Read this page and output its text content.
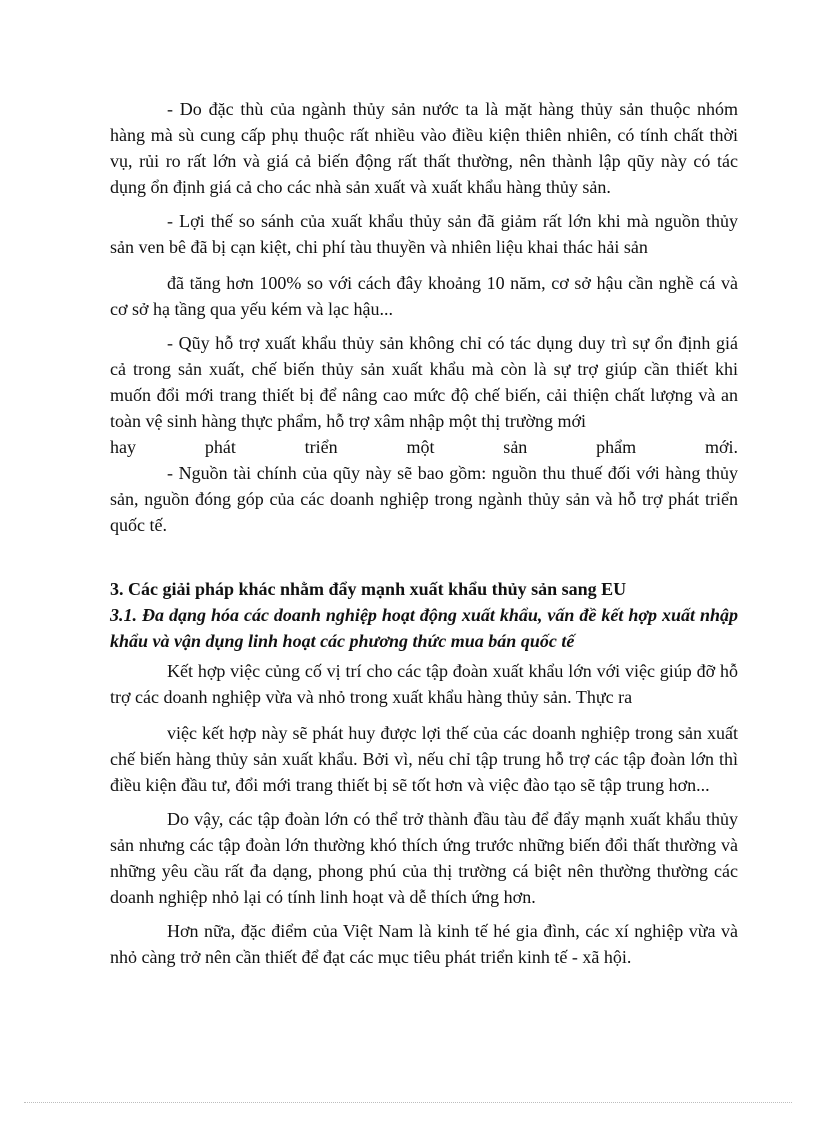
- Do đặc thù của ngành thủy sản nước ta là mặt hàng thủy sản thuộc nhóm hàng mà sù cung cấp phụ thuộc rất nhiều vào điều kiện thiên nhiên, có tính chất thời vụ, rủi ro rất lớn và giá cả biến động rất thất thường, nên thành lập qũy này có tác dụng ổn định giá cả cho các nhà sản xuất và xuất khẩu hàng thủy sản.

- Lợi thế so sánh của xuất khẩu thủy sản đã giảm rất lớn khi mà nguồn thủy sản ven bê đã bị cạn kiệt, chi phí tàu thuyền và nhiên liệu khai thác hải sản

đã tăng hơn 100% so với cách đây khoảng 10 năm, cơ sở hậu cần nghề cá và cơ sở hạ tầng qua yếu kém và lạc hậu...

- Qũy hỗ trợ xuất khẩu thủy sản không chỉ có tác dụng duy trì sự ổn định giá cả trong sản xuất, chế biến thủy sản xuất khẩu mà còn là sự trợ giúp cần thiết khi muốn đổi mới trang thiết bị để nâng cao mức độ chế biến, cải thiện chất lượng và an toàn vệ sinh hàng thực phẩm, hỗ trợ xâm nhập một thị trường mới

hay phát triển một sản phẩm mới.

- Nguồn tài chính của qũy này sẽ bao gồm: nguồn thu thuế đối với hàng thủy sản, nguồn đóng góp của các doanh nghiệp trong ngành thủy sản và hỗ trợ phát triển quốc tế.

3. Các giải pháp khác nhằm đẩy mạnh xuất khẩu thủy sản sang EU

3.1. Đa dạng hóa các doanh nghiệp hoạt động xuất khẩu, vấn đề kết hợp xuất nhập khẩu và vận dụng linh hoạt các phương thức mua bán quốc tế

Kết hợp việc củng cố vị trí cho các tập đoàn xuất khẩu lớn với việc giúp đỡ hỗ trợ các doanh nghiệp vừa và nhỏ trong xuất khẩu hàng thủy sản. Thực ra

việc kết hợp này sẽ phát huy được lợi thế của các doanh nghiệp trong sản xuất chế biến hàng thủy sản xuất khẩu. Bởi vì, nếu chỉ tập trung hỗ trợ các tập đoàn lớn thì điều kiện đầu tư, đổi mới trang thiết bị sẽ tốt hơn và việc đào tạo sẽ tập trung hơn...

Do vậy, các tập đoàn lớn có thể trở thành đầu tàu để đẩy mạnh xuất khẩu thủy sản nhưng các tập đoàn lớn thường khó thích ứng trước những biến đổi thất thường và những yêu cầu rất đa dạng, phong phú của thị trường cá biệt nên thường thường các doanh nghiệp nhỏ lại có tính linh hoạt và dễ thích ứng hơn.

Hơn nữa, đặc điểm của Việt Nam là kinh tế hé gia đình, các xí nghiệp vừa và nhỏ càng trở nên cần thiết để đạt các mục tiêu phát triển kinh tế - xã hội.
